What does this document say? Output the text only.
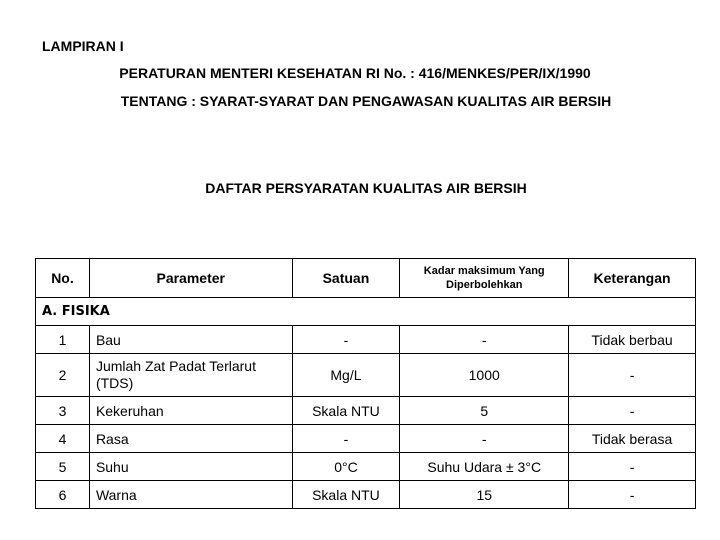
LAMPIRAN I
PERATURAN MENTERI KESEHATAN RI No. : 416/MENKES/PER/IX/1990
TENTANG : SYARAT-SYARAT DAN PENGAWASAN KUALITAS AIR BERSIH
DAFTAR PERSYARATAN KUALITAS AIR BERSIH
No.	Parameter	Satuan	Kadar maksimum Yang Diperbolehkan	Keterangan
A. FISIKA				
1	Bau	-	-	Tidak berbau
2	Jumlah Zat Padat Terlarut (TDS)	Mg/L	1000	-
3	Kekeruhan	Skala NTU	5	-
4	Rasa	-	-	Tidak berasa
5	Suhu	0°C	Suhu Udara ± 3°C	-
6	Warna	Skala NTU	15	-
